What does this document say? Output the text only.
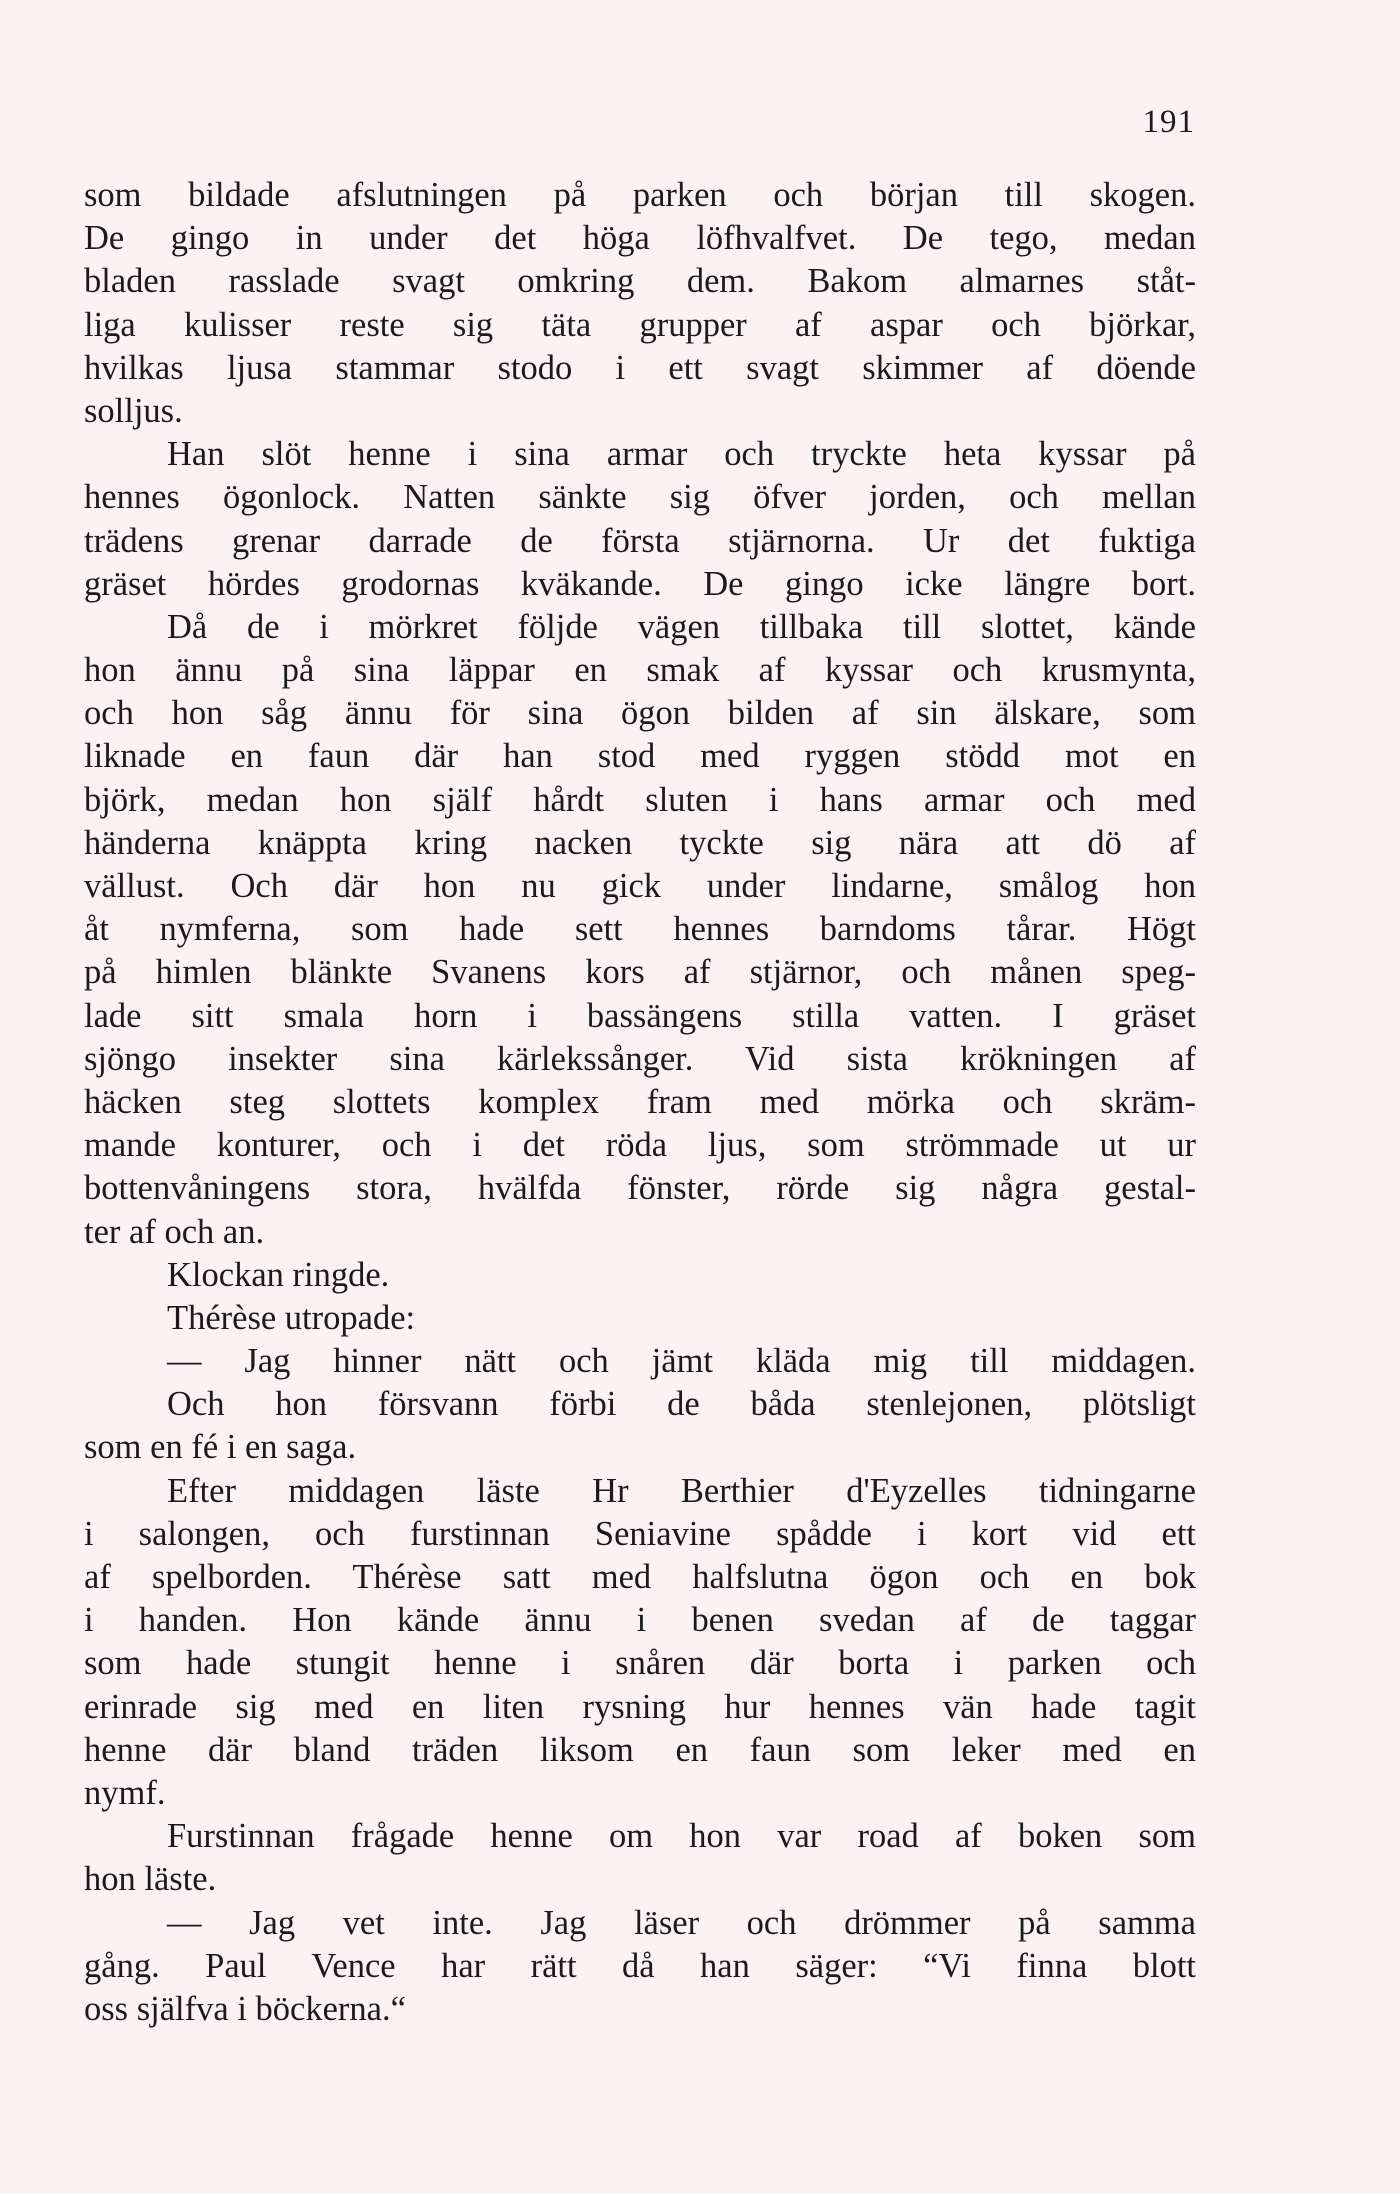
191
som bildade afslutningen på parken och början till skogen.
De gingo in under det höga löfhvalfvet. De tego, medan
bladen rasslade svagt omkring dem. Bakom almarnes ståt-
liga kulisser reste sig täta grupper af aspar och björkar,
hvilkas ljusa stammar stodo i ett svagt skimmer af döende
solljus.
Han slöt henne i sina armar och tryckte heta kyssar på
hennes ögonlock. Natten sänkte sig öfver jorden, och mellan
trädens grenar darrade de första stjärnorna. Ur det fuktiga
gräset hördes grodornas kväkande. De gingo icke längre bort.
Då de i mörkret följde vägen tillbaka till slottet, kände
hon ännu på sina läppar en smak af kyssar och krusmynta,
och hon såg ännu för sina ögon bilden af sin älskare, som
liknade en faun där han stod med ryggen stödd mot en
björk, medan hon själf hårdt sluten i hans armar och med
händerna knäppta kring nacken tyckte sig nära att dö af
vällust. Och där hon nu gick under lindarne, smålog hon
åt nymferna, som hade sett hennes barndoms tårar. Högt
på himlen blänkte Svanens kors af stjärnor, och månen speg-
lade sitt smala horn i bassängens stilla vatten. I gräset
sjöngo insekter sina kärlekssånger. Vid sista krökningen af
häcken steg slottets komplex fram med mörka och skräm-
mande konturer, och i det röda ljus, som strömmade ut ur
bottenvåningens stora, hvälfda fönster, rörde sig några gestal-
ter af och an.
Klockan ringde.
Thérèse utropade:
— Jag hinner nätt och jämt kläda mig till middagen.
Och hon försvann förbi de båda stenlejonen, plötsligt
som en fé i en saga.
Efter middagen läste Hr Berthier d'Eyzelles tidningarne
i salongen, och furstinnan Seniavine spådde i kort vid ett
af spelborden. Thérèse satt med halfslutna ögon och en bok
i handen. Hon kände ännu i benen svedan af de taggar
som hade stungit henne i snåren där borta i parken och
erinrade sig med en liten rysning hur hennes vän hade tagit
henne där bland träden liksom en faun som leker med en
nymf.
Furstinnan frågade henne om hon var road af boken som
hon läste.
— Jag vet inte. Jag läser och drömmer på samma
gång. Paul Vence har rätt då han säger: “Vi finna blott
oss själfva i böckerna.“
